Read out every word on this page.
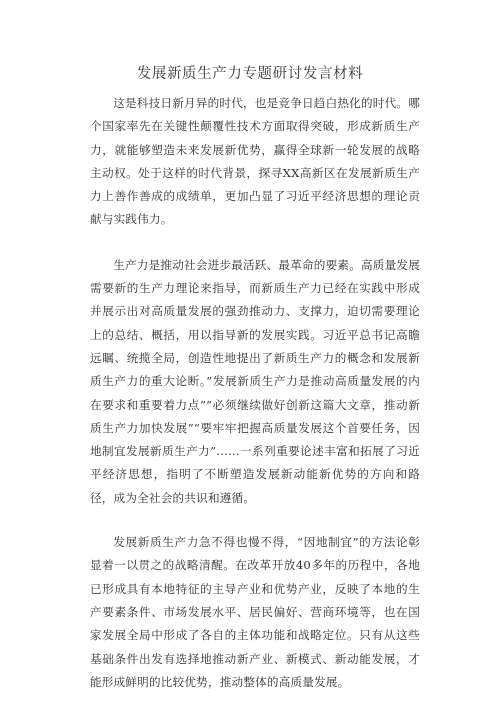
发展新质生产力专题研讨发言材料

这是科技日新月异的时代，也是竞争日趋白热化的时代。哪个国家率先在关键性颠覆性技术方面取得突破，形成新质生产力，就能够塑造未来发展新优势，赢得全球新一轮发展的战略主动权。处于这样的时代背景，探寻XX高新区在发展新质生产力上善作善成的成绩单，更加凸显了习近平经济思想的理论贡献与实践伟力。

生产力是推动社会进步最活跃、最革命的要素。高质量发展需要新的生产力理论来指导，而新质生产力已经在实践中形成并展示出对高质量发展的强劲推动力、支撑力，迫切需要理论上的总结、概括，用以指导新的发展实践。习近平总书记高瞻远瞩、统揽全局，创造性地提出了新质生产力的概念和发展新质生产力的重大论断。”发展新质生产力是推动高质量发展的内在要求和重要着力点”“必须继续做好创新这篇大文章，推动新质生产力加快发展”“要牢牢把握高质量发展这个首要任务，因地制宜发展新质生产力”……一系列重要论述丰富和拓展了习近平经济思想，指明了不断塑造发展新动能新优势的方向和路径，成为全社会的共识和遵循。

发展新质生产力急不得也慢不得，“因地制宜”的方法论彰显着一以贯之的战略清醒。在改革开放40多年的历程中，各地已形成具有本地特征的主导产业和优势产业，反映了本地的生产要素条件、市场发展水平、居民偏好、营商环境等，也在国家发展全局中形成了各自的主体功能和战略定位。只有从这些基础条件出发有选择地推动新产业、新模式、新动能发展，才能形成鲜明的比较优势，推动整体的高质量发展。
